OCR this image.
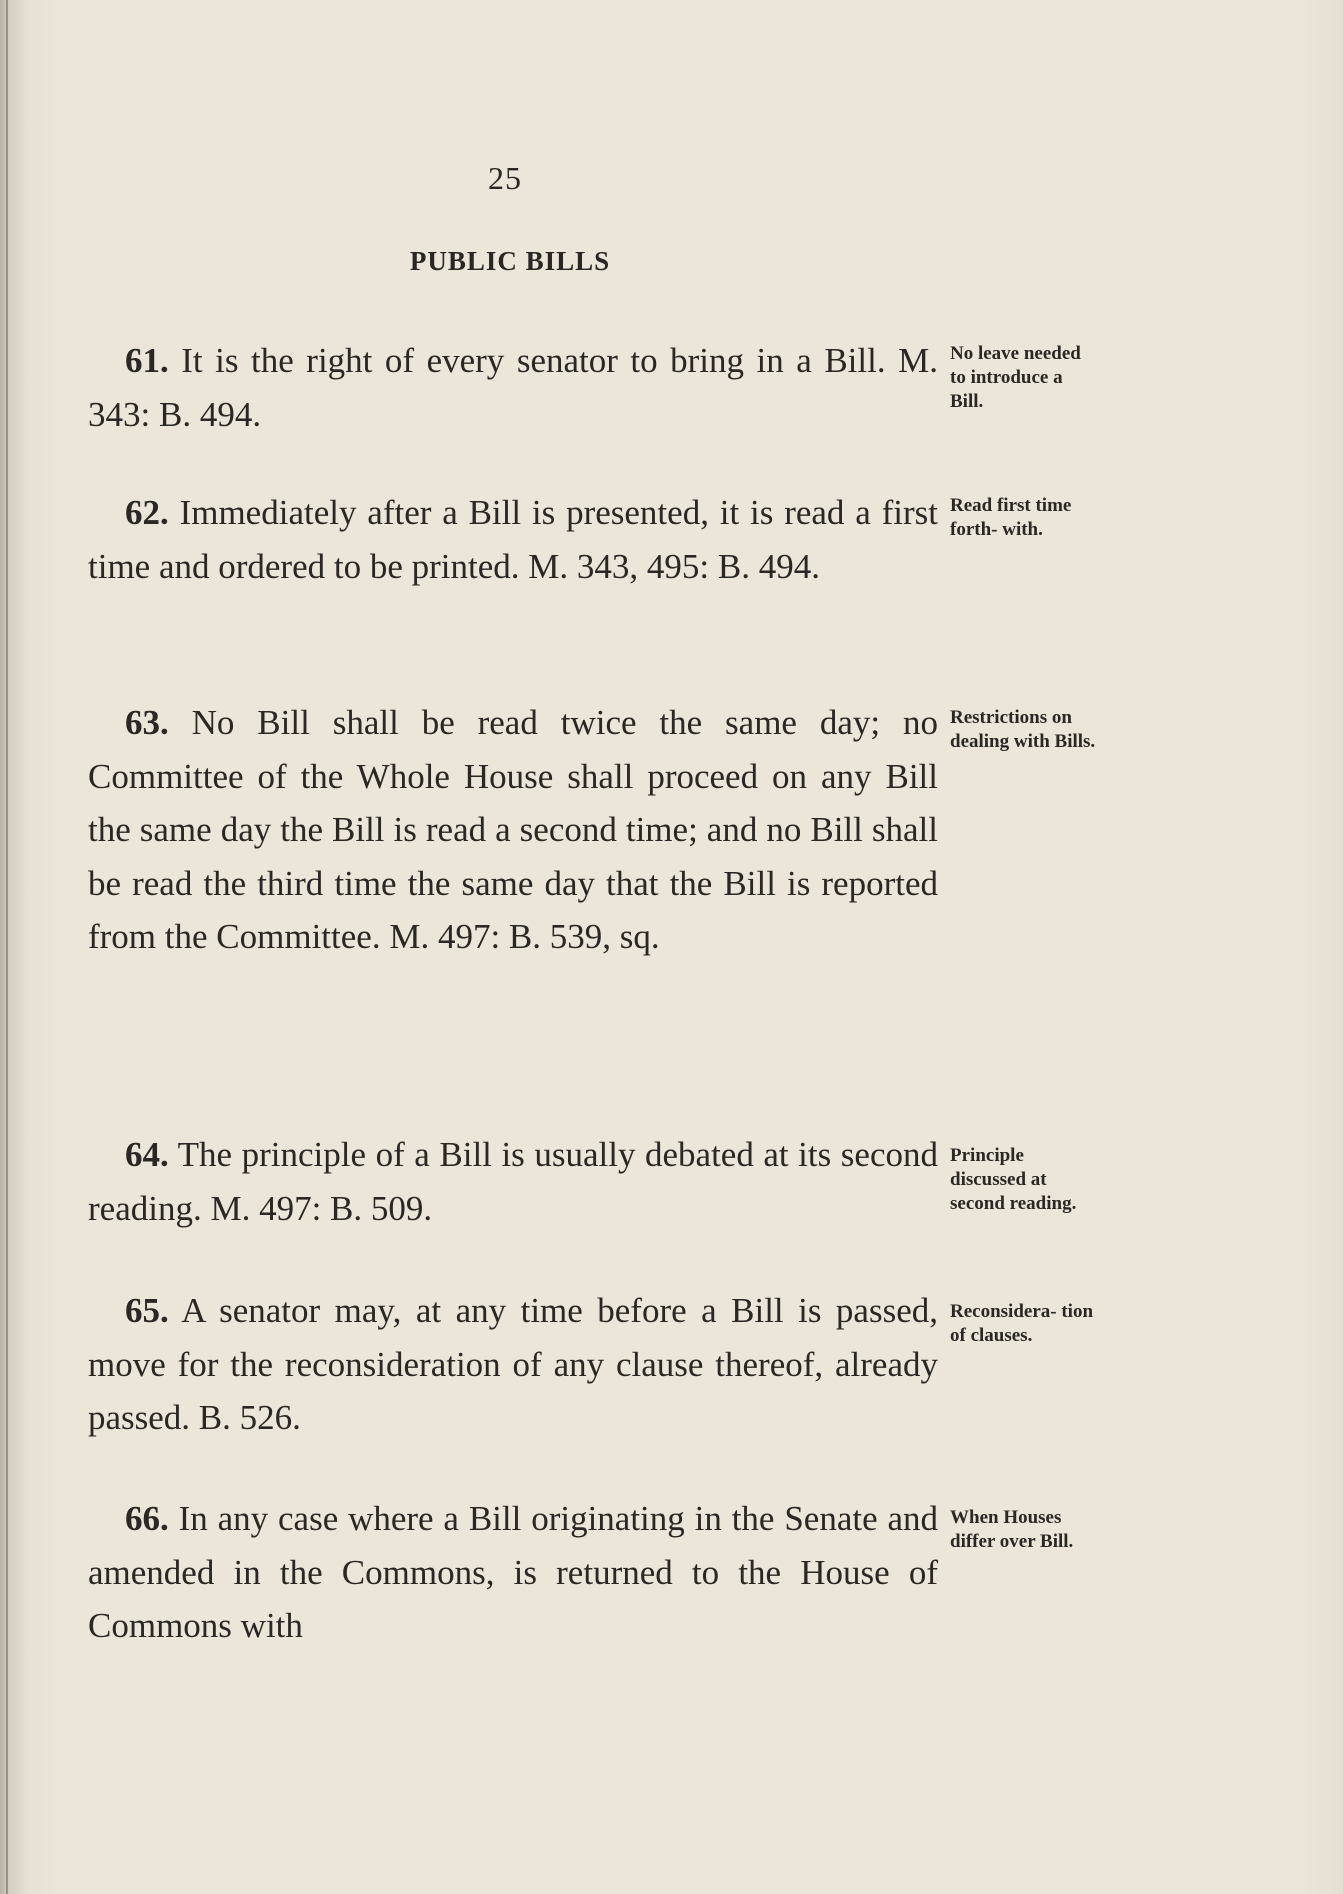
25
PUBLIC BILLS
61. It is the right of every senator to bring in a Bill. M. 343: B. 494.
No leave needed to introduce a Bill.
62. Immediately after a Bill is presented, it is read a first time and ordered to be printed. M. 343, 495: B. 494.
Read first time forth- with.
63. No Bill shall be read twice the same day; no Committee of the Whole House shall proceed on any Bill the same day the Bill is read a second time; and no Bill shall be read the third time the same day that the Bill is reported from the Committee. M. 497: B. 539, sq.
Restrictions on dealing with Bills.
64. The principle of a Bill is usually debated at its second reading. M. 497: B. 509.
Principle discussed at second reading.
65. A senator may, at any time before a Bill is passed, move for the reconsideration of any clause thereof, already passed. B. 526.
Reconsidera- tion of clauses.
66. In any case where a Bill originating in the Senate and amended in the Commons, is returned to the House of Commons with
When Houses differ over Bill.
